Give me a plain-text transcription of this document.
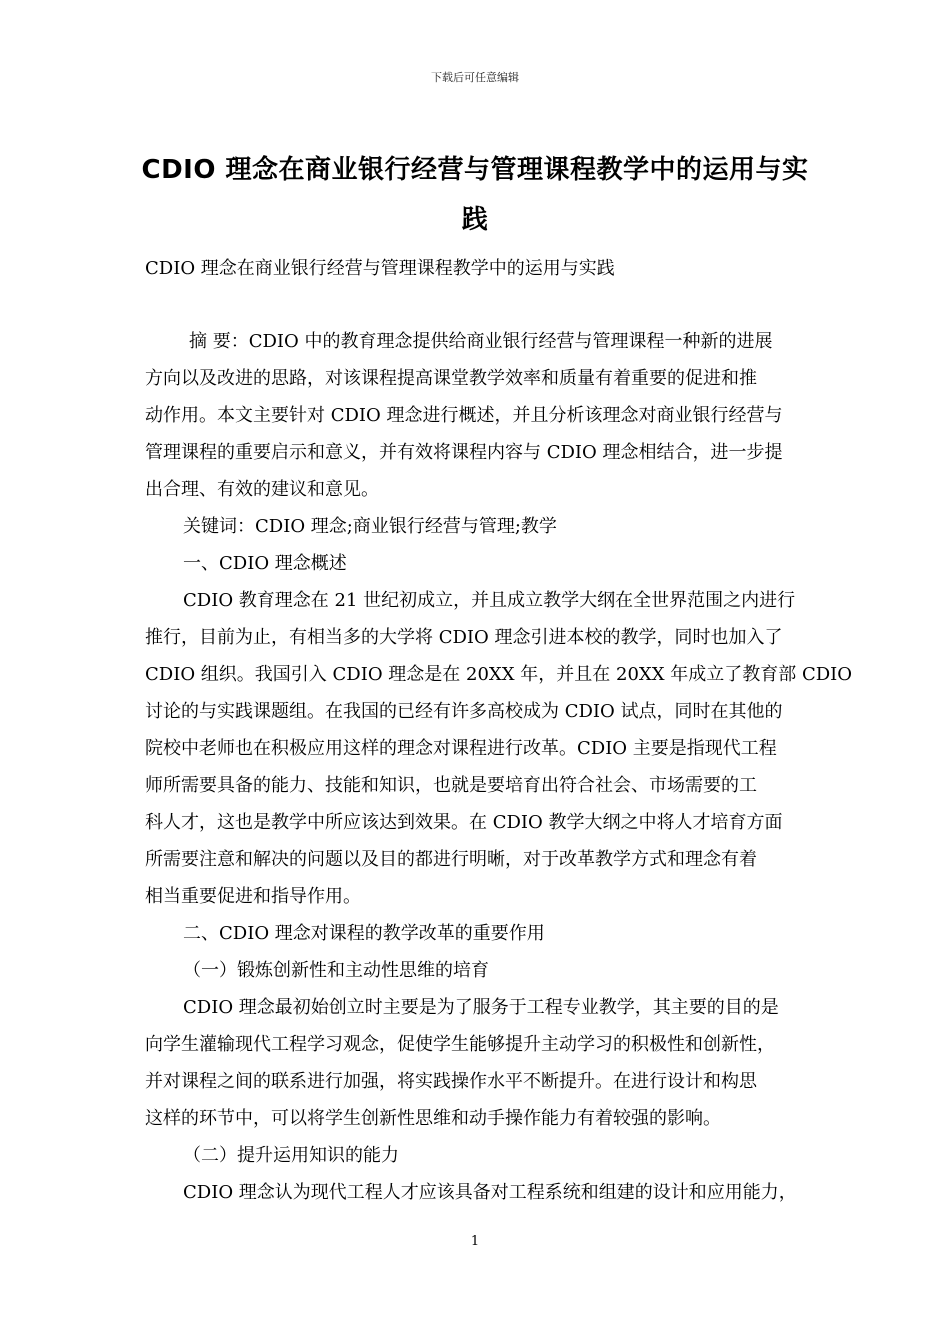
下载后可任意编辑
CDIO 理念在商业银行经营与管理课程教学中的运用与实
践

CDIO 理念在商业银行经营与管理课程教学中的运用与实践

摘 要：CDIO 中的教育理念提供给商业银行经营与管理课程一种新的进展

方向以及改进的思路，对该课程提高课堂教学效率和质量有着重要的促进和推

动作用。本文主要针对 CDIO 理念进行概述，并且分析该理念对商业银行经营与

管理课程的重要启示和意义，并有效将课程内容与 CDIO 理念相结合，进一步提

出合理、有效的建议和意见。

关键词：CDIO 理念;商业银行经营与管理;教学

一、CDIO 理念概述

CDIO 教育理念在 21 世纪初成立，并且成立教学大纲在全世界范围之内进行

推行，目前为止，有相当多的大学将 CDIO 理念引进本校的教学，同时也加入了

CDIO 组织。我国引入 CDIO 理念是在 20XX 年，并且在 20XX 年成立了教育部 CDIO

讨论的与实践课题组。在我国的已经有许多高校成为 CDIO 试点，同时在其他的

院校中老师也在积极应用这样的理念对课程进行改革。CDIO 主要是指现代工程

师所需要具备的能力、技能和知识，也就是要培育出符合社会、市场需要的工

科人才，这也是教学中所应该达到效果。在 CDIO 教学大纲之中将人才培育方面

所需要注意和解决的问题以及目的都进行明晰，对于改革教学方式和理念有着

相当重要促进和指导作用。

二、CDIO 理念对课程的教学改革的重要作用

（一）锻炼创新性和主动性思维的培育

CDIO 理念最初始创立时主要是为了服务于工程专业教学，其主要的目的是

向学生灌输现代工程学习观念，促使学生能够提升主动学习的积极性和创新性，

并对课程之间的联系进行加强，将实践操作水平不断提升。在进行设计和构思

这样的环节中，可以将学生创新性思维和动手操作能力有着较强的影响。

（二）提升运用知识的能力

CDIO 理念认为现代工程人才应该具备对工程系统和组建的设计和应用能力，

1
